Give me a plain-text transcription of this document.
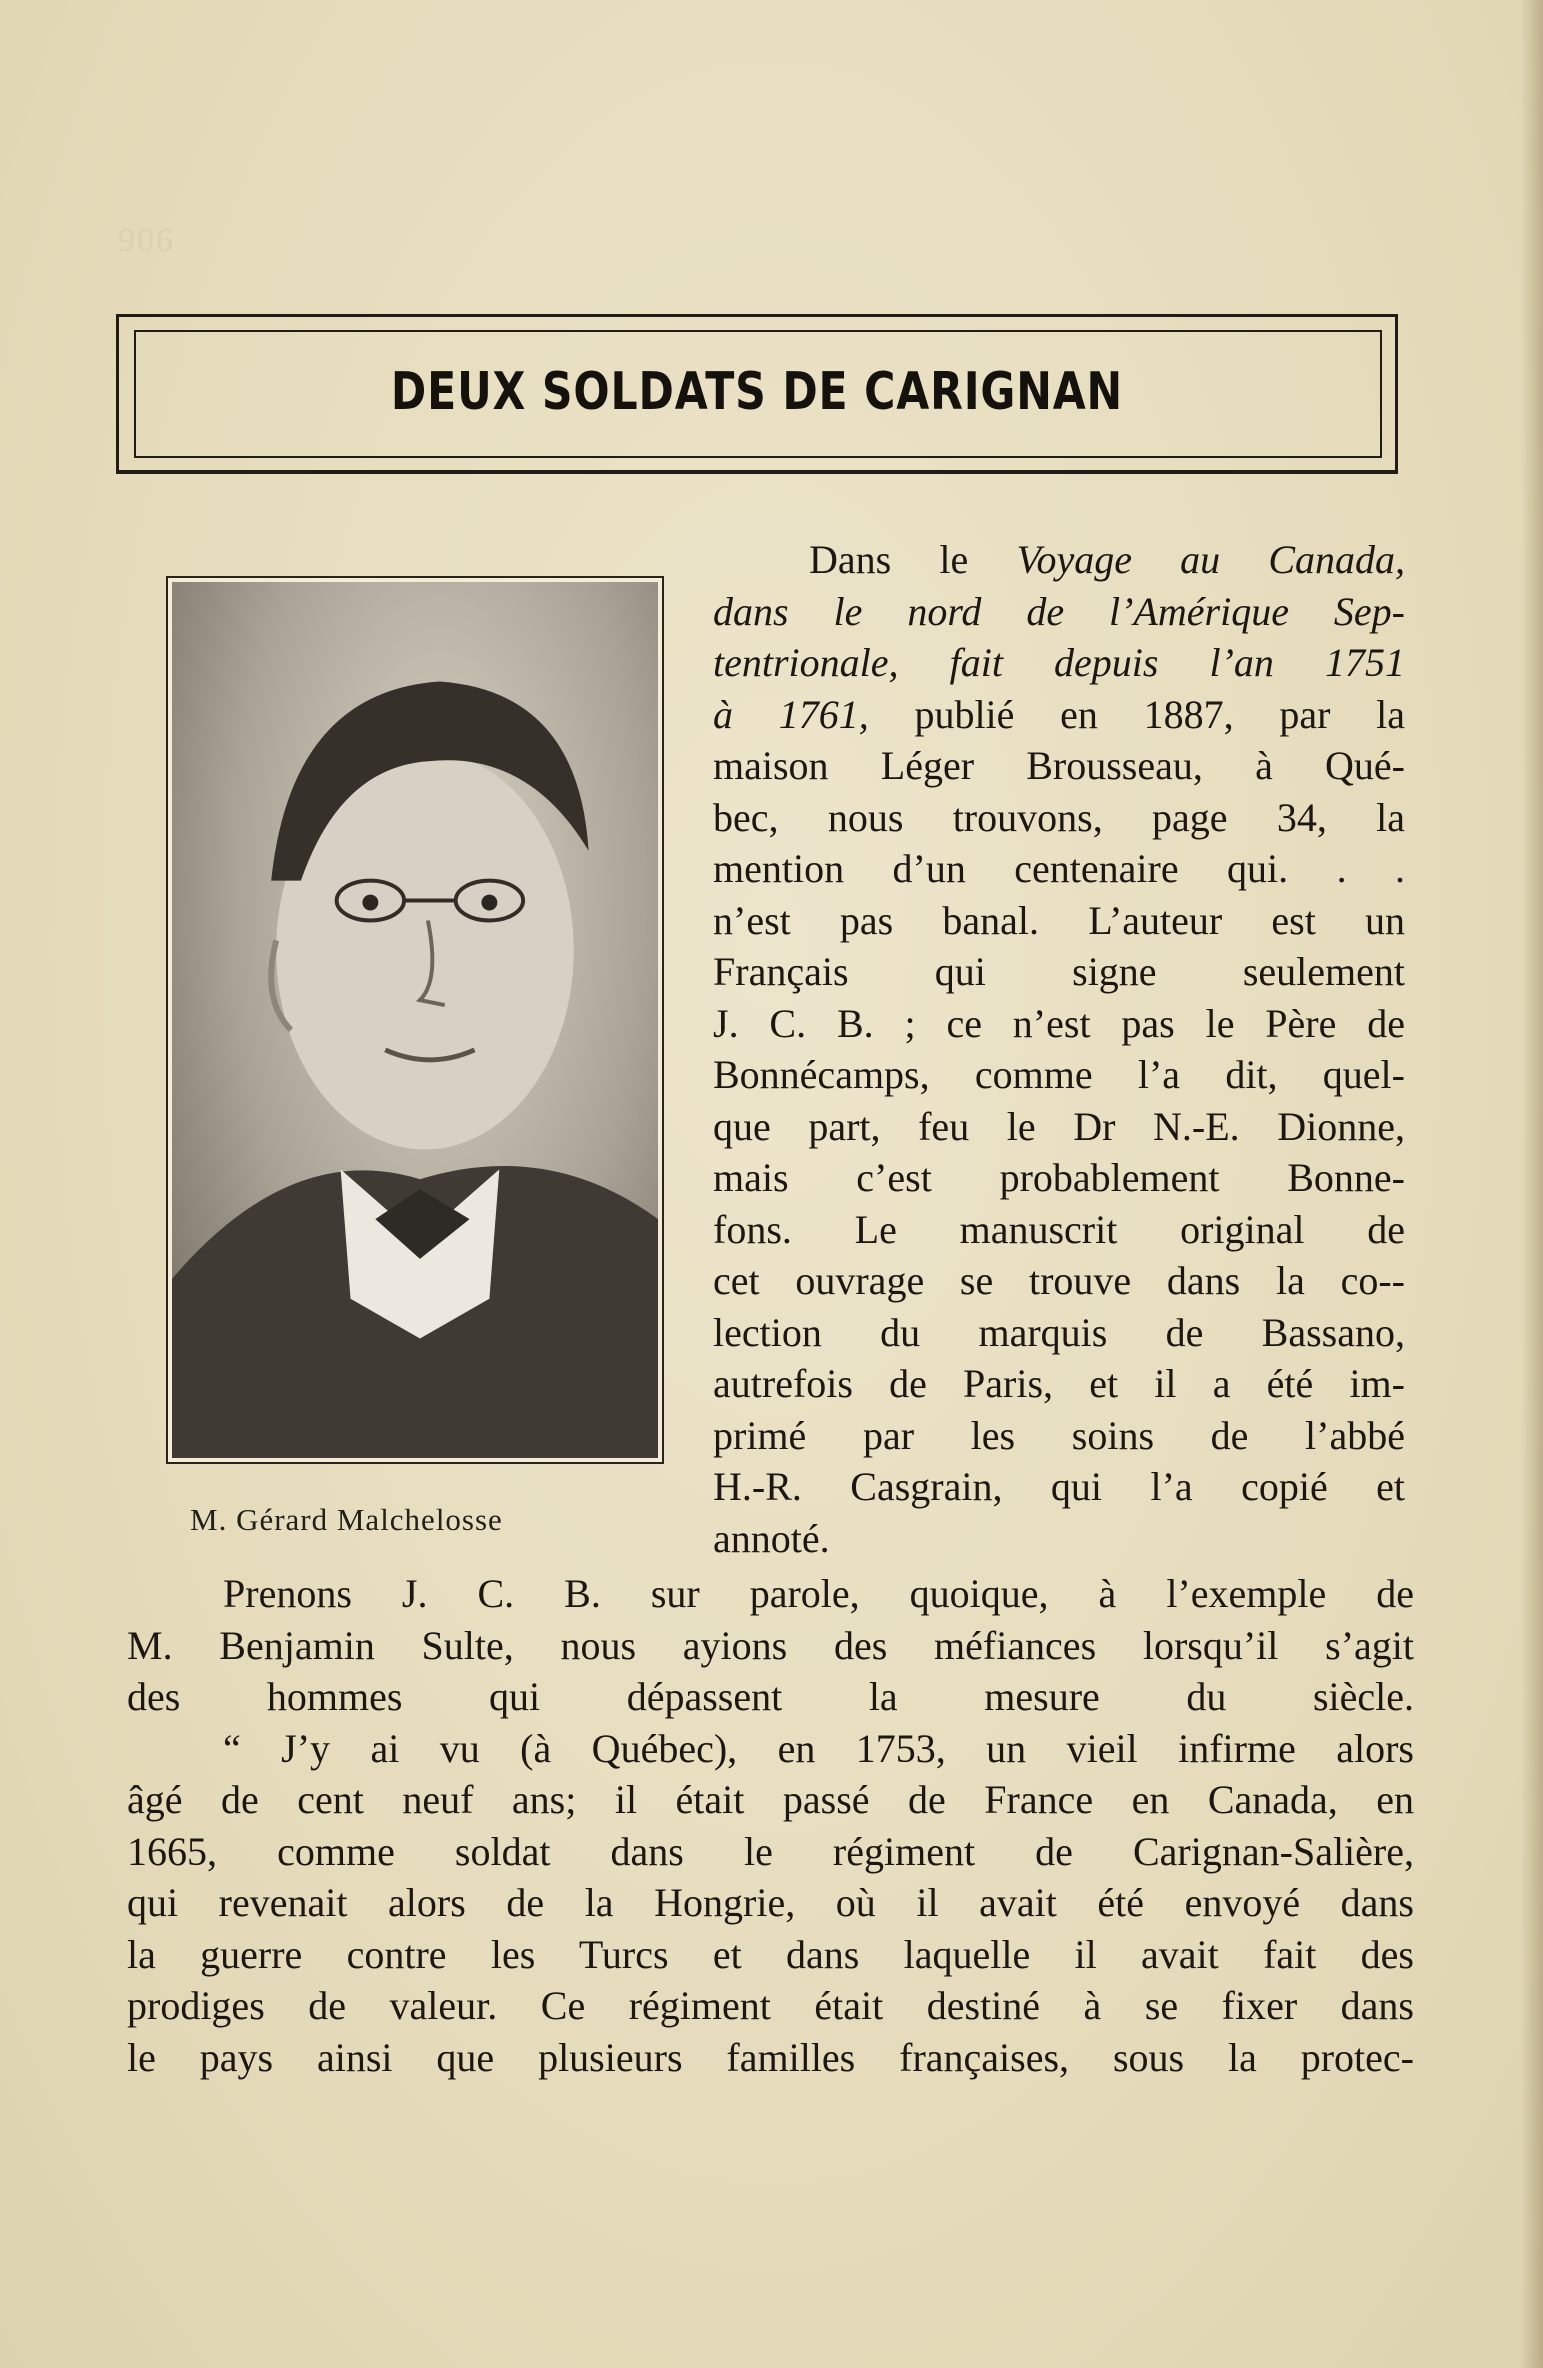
906
DEUX SOLDATS DE CARIGNAN
M. Gérard Malchelosse
Dans le Voyage au Canada,
dans le nord de l’Amérique Sep-
tentrionale, fait depuis l’an 1751
à 1761, publié en 1887, par la
maison Léger Brousseau, à Qué-
bec, nous trouvons, page 34, la
mention d’un centenaire qui. . .
n’est pas banal. L’auteur est un
Français qui signe seulement
J. C. B. ; ce n’est pas le Père de
Bonnécamps, comme l’a dit, quel-
que part, feu le Dr N.-E. Dionne,
mais c’est probablement Bonne-
fons. Le manuscrit original de
cet ouvrage se trouve dans la co--
lection du marquis de Bassano,
autrefois de Paris, et il a été im-
primé par les soins de l’abbé
H.-R. Casgrain, qui l’a copié et
annoté.
Prenons J. C. B. sur parole, quoique, à l’exemple de
M. Benjamin Sulte, nous ayions des méfiances lorsqu’il s’agit
des hommes qui dépassent la mesure du siècle.
“ J’y ai vu (à Québec), en 1753, un vieil infirme alors
âgé de cent neuf ans; il était passé de France en Canada, en
1665, comme soldat dans le régiment de Carignan-Salière,
qui revenait alors de la Hongrie, où il avait été envoyé dans
la guerre contre les Turcs et dans laquelle il avait fait des
prodiges de valeur. Ce régiment était destiné à se fixer dans
le pays ainsi que plusieurs familles françaises, sous la protec-
